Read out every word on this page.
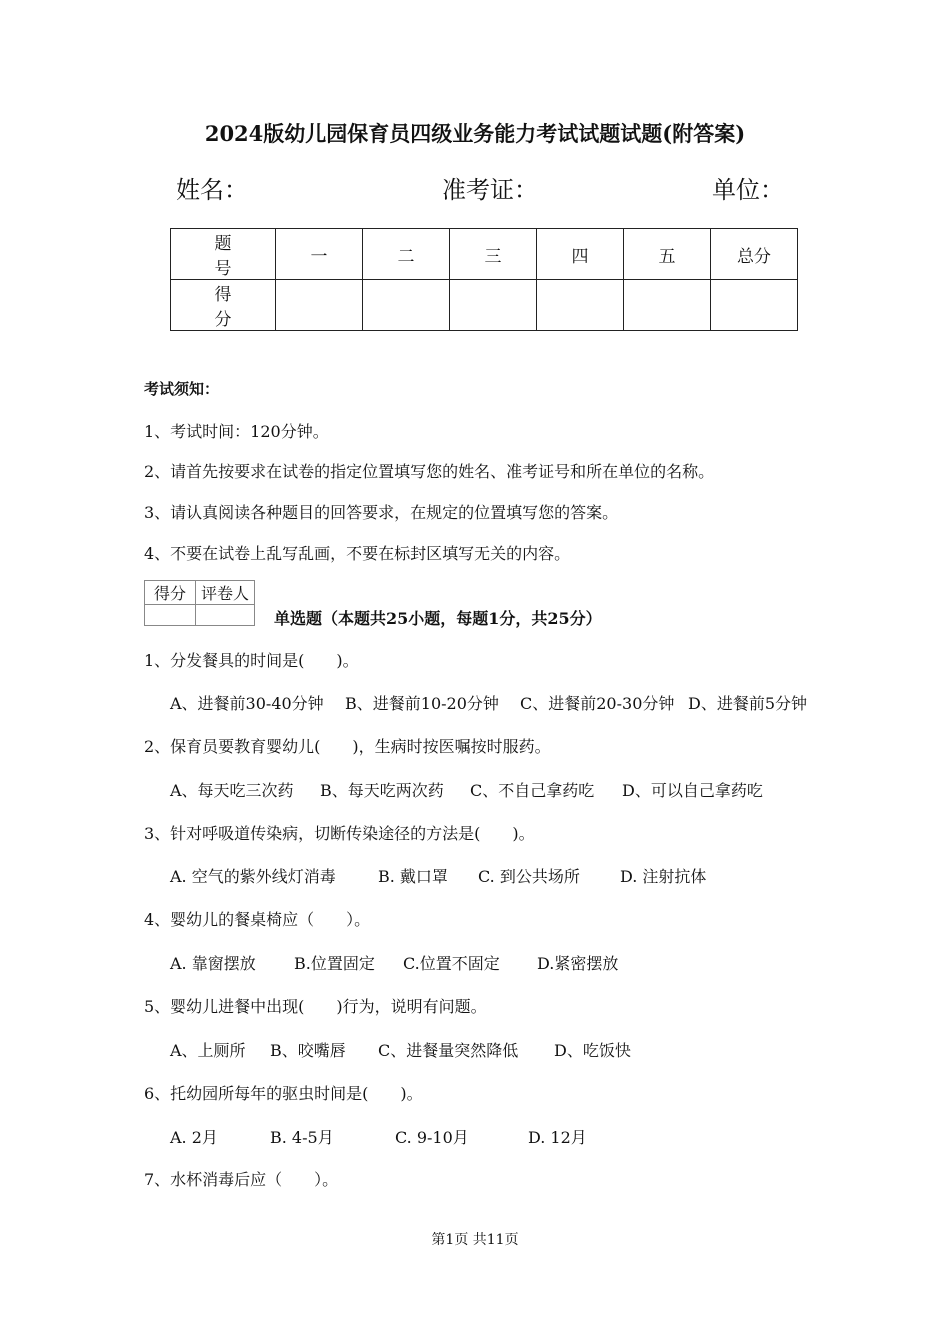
2024版幼儿园保育员四级业务能力考试试题试题(附答案)
姓名：	准考证：	单位：
题 号	一	二	三	四	五	总分
得 分						
考试须知：
1、考试时间：120分钟。
2、请首先按要求在试卷的指定位置填写您的姓名、准考证号和所在单位的名称。
3、请认真阅读各种题目的回答要求，在规定的位置填写您的答案。
4、不要在试卷上乱写乱画，不要在标封区填写无关的内容。
得分	评卷人

单选题（本题共25小题，每题1分，共25分）
1、分发餐具的时间是(　　)。
A、进餐前30-40分钟 B、进餐前10-20分钟 C、进餐前20-30分钟 D、进餐前5分钟
2、保育员要教育婴幼儿(　　)，生病时按医嘱按时服药。
A、每天吃三次药 B、每天吃两次药 C、不自己拿药吃 D、可以自己拿药吃
3、针对呼吸道传染病，切断传染途径的方法是(　　)。
A. 空气的紫外线灯消毒	B. 戴口罩 C. 到公共场所	D. 注射抗体
4、婴幼儿的餐桌椅应（　　）。
A. 靠窗摆放 B.位置固定 C.位置不固定 D.紧密摆放
5、婴幼儿进餐中出现(　　)行为，说明有问题。
A、上厕所 B、咬嘴唇 C、进餐量突然降低 D、吃饭快
6、托幼园所每年的驱虫时间是(　　)。
A. 2月	B. 4-5月	C. 9-10月	D. 12月
7、水杯消毒后应（　　）。
第1页 共11页
